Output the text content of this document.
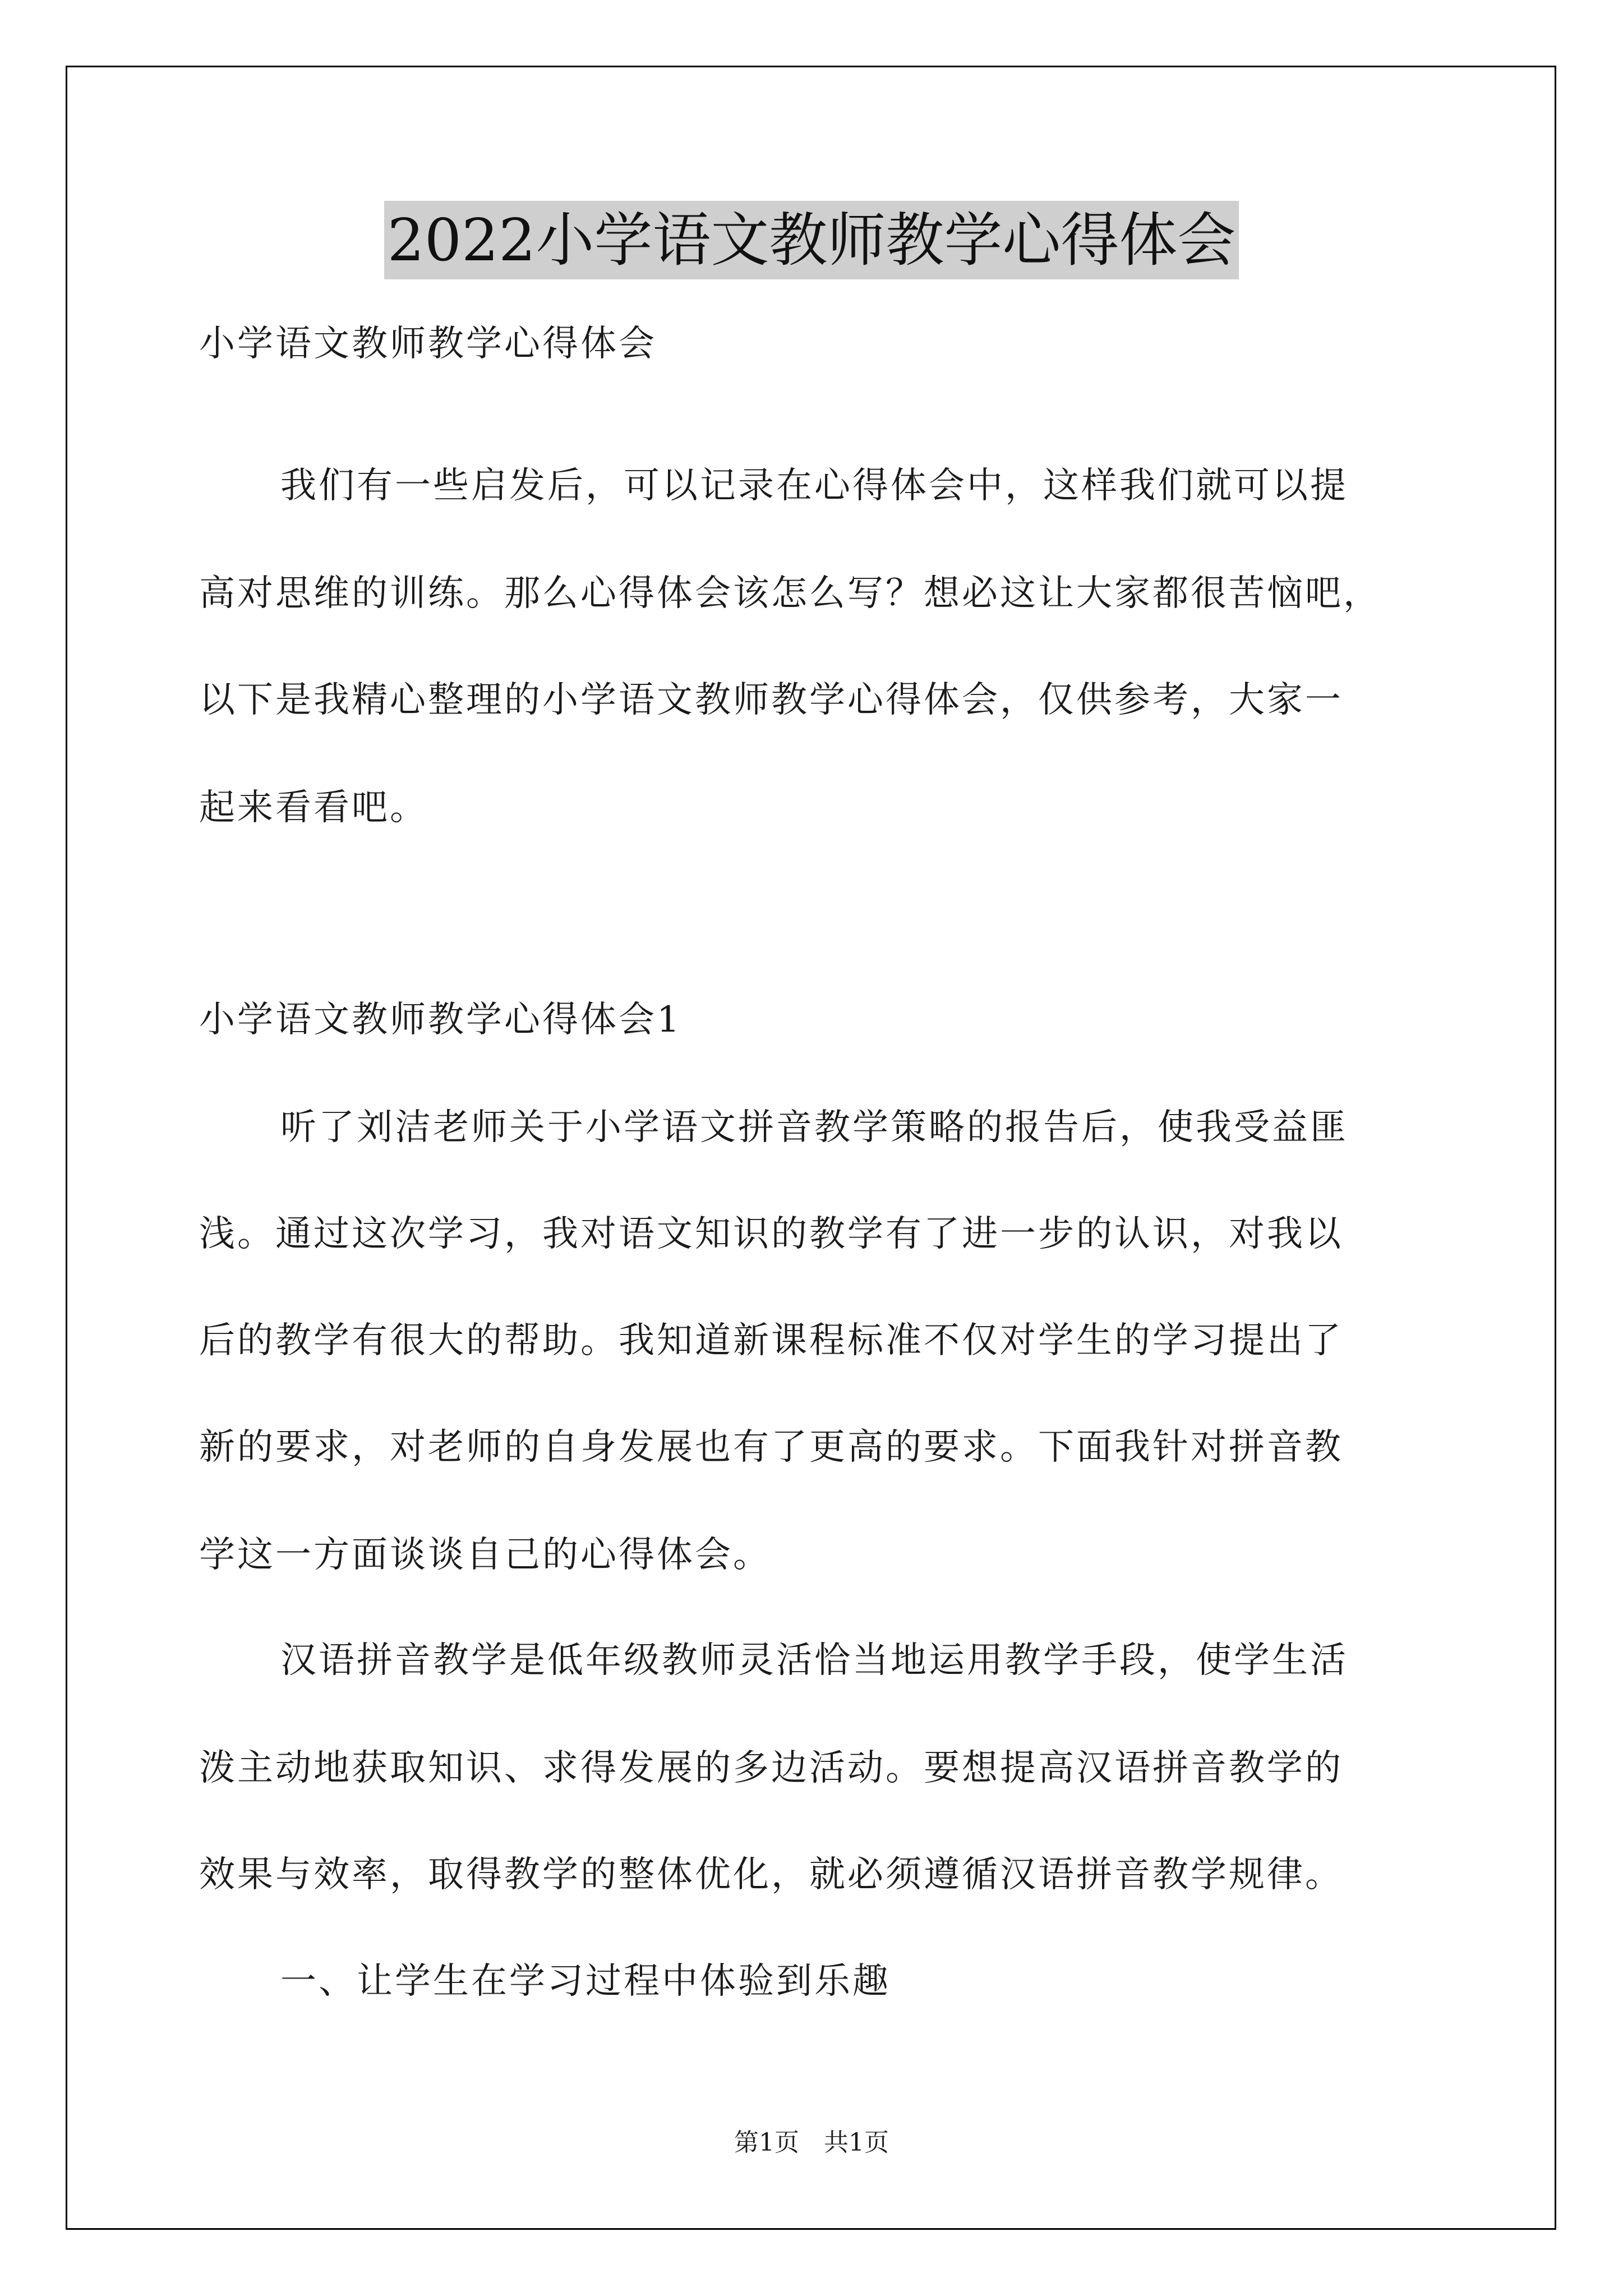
2022小学语文教师教学心得体会

小学语文教师教学心得体会

我们有一些启发后，可以记录在心得体会中，这样我们就可以提

高对思维的训练。那么心得体会该怎么写？想必这让大家都很苦恼吧，

以下是我精心整理的小学语文教师教学心得体会，仅供参考，大家一

起来看看吧。

小学语文教师教学心得体会1

听了刘洁老师关于小学语文拼音教学策略的报告后，使我受益匪

浅。通过这次学习，我对语文知识的教学有了进一步的认识，对我以

后的教学有很大的帮助。我知道新课程标准不仅对学生的学习提出了

新的要求，对老师的自身发展也有了更高的要求。下面我针对拼音教

学这一方面谈谈自己的心得体会。

汉语拼音教学是低年级教师灵活恰当地运用教学手段，使学生活

泼主动地获取知识、求得发展的多边活动。要想提高汉语拼音教学的

效果与效率，取得教学的整体优化，就必须遵循汉语拼音教学规律。

一、让学生在学习过程中体验到乐趣

第1页　共1页
